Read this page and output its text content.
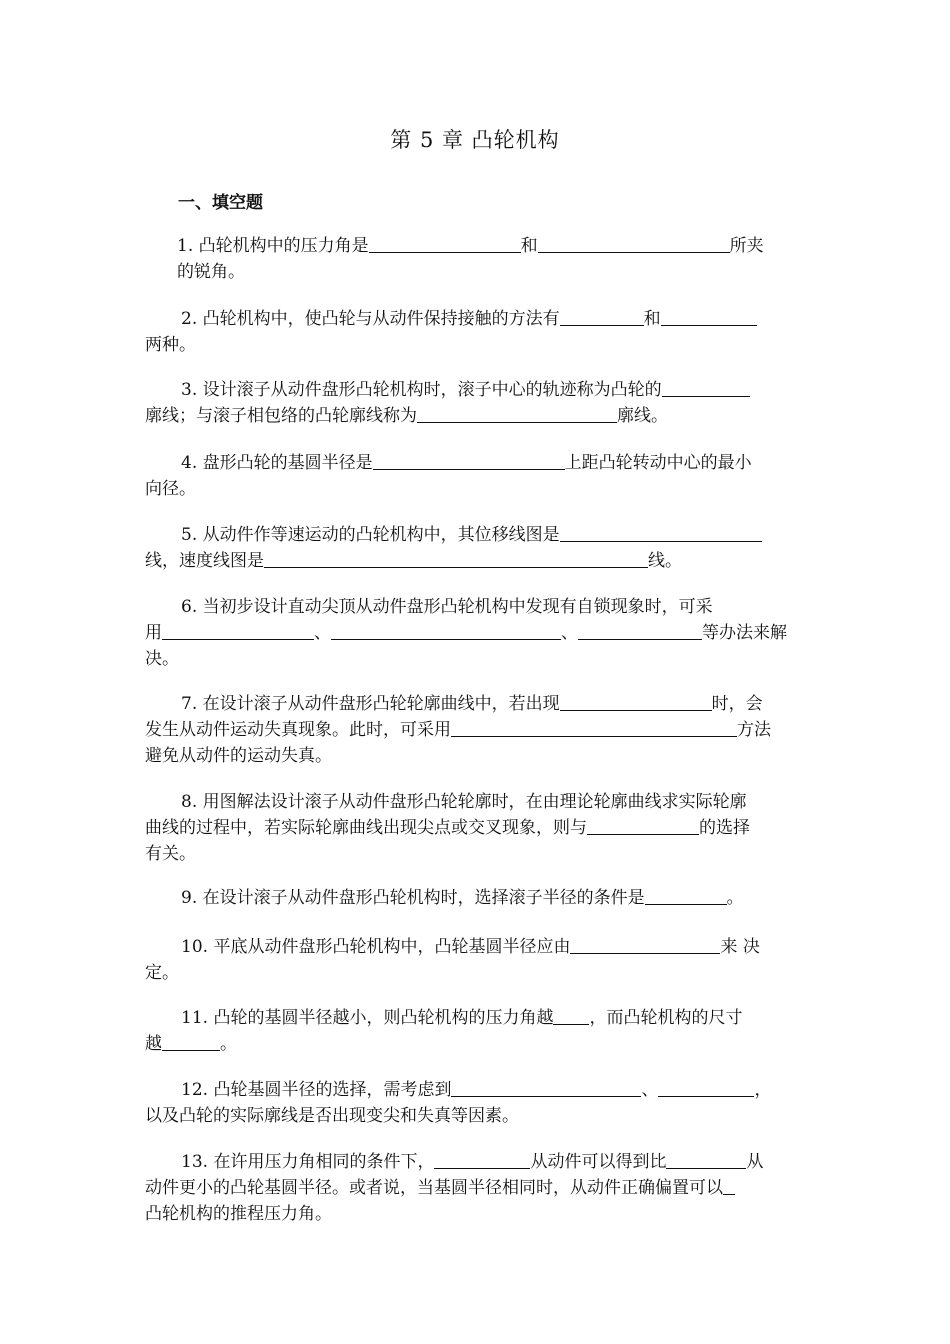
第 5 章 凸轮机构
一、填空题
1. 凸轮机构中的压力角是	和	所夹
的锐角。
2. 凸轮机构中，使凸轮与从动件保持接触的方法有	和
两种。
3. 设计滚子从动件盘形凸轮机构时，滚子中心的轨迹称为凸轮的
廓线；与滚子相包络的凸轮廓线称为	廓线。
4. 盘形凸轮的基圆半径是	上距凸轮转动中心的最小
向径。
5. 从动件作等速运动的凸轮机构中，其位移线图是
线，速度线图是	线。
6. 当初步设计直动尖顶从动件盘形凸轮机构中发现有自锁现象时，可采
用	、	、	等办法来解
决。
7. 在设计滚子从动件盘形凸轮轮廓曲线中，若出现	时，会
发生从动件运动失真现象。此时，可采用	方法
避免从动件的运动失真。
8. 用图解法设计滚子从动件盘形凸轮轮廓时，在由理论轮廓曲线求实际轮廓
曲线的过程中，若实际轮廓曲线出现尖点或交叉现象，则与	的选择
有关。
9. 在设计滚子从动件盘形凸轮机构时，选择滚子半径的条件是	。
10. 平底从动件盘形凸轮机构中，凸轮基圆半径应由	来 决
定。
11. 凸轮的基圆半径越小，则凸轮机构的压力角越 ，而凸轮机构的尺寸
越	。
12. 凸轮基圆半径的选择，需考虑到	、	，
以及凸轮的实际廓线是否出现变尖和失真等因素。
13. 在许用压力角相同的条件下，	从动件可以得到比	从
动件更小的凸轮基圆半径。或者说，当基圆半径相同时，从动件正确偏置可以
凸轮机构的推程压力角。
